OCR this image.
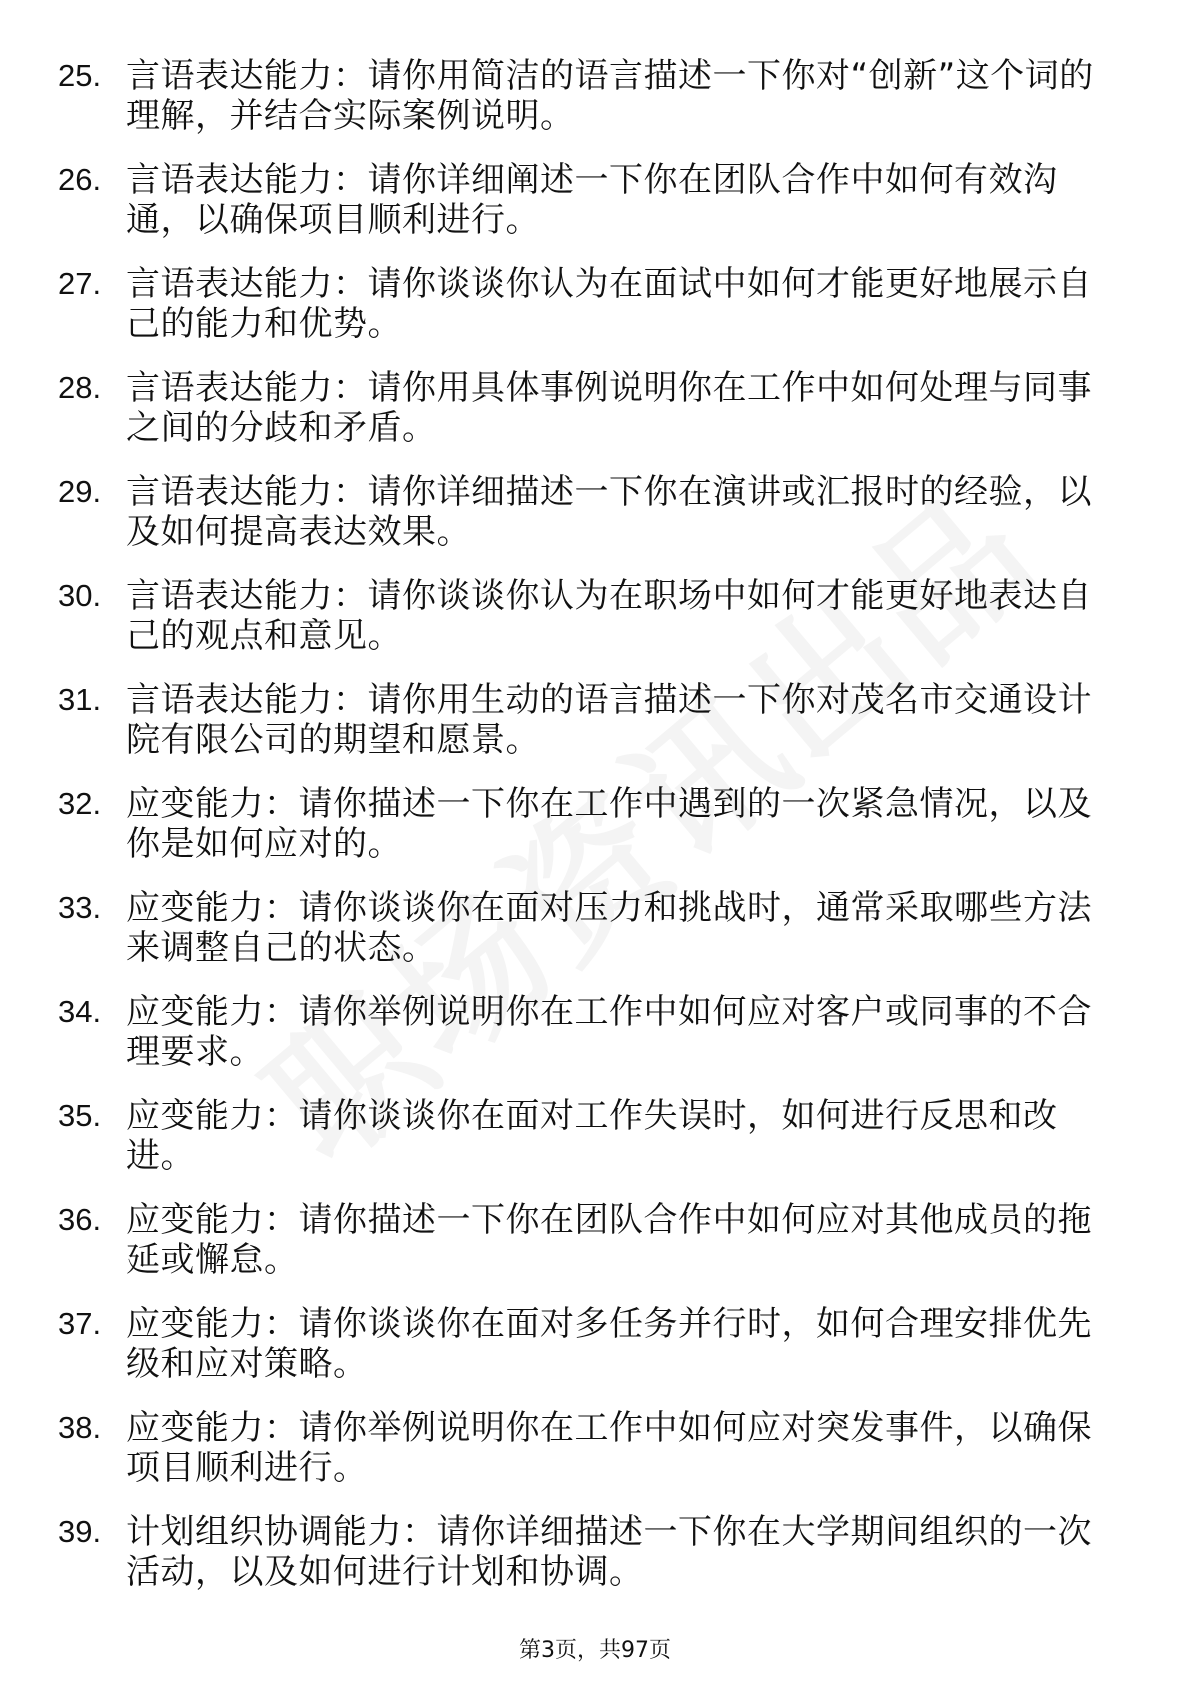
25. 言语表达能力：请你用简洁的语言描述一下你对“创新”这个词的理解，并结合实际案例说明。
26. 言语表达能力：请你详细阐述一下你在团队合作中如何有效沟通，以确保项目顺利进行。
27. 言语表达能力：请你谈谈你认为在面试中如何才能更好地展示自己的能力和优势。
28. 言语表达能力：请你用具体事例说明你在工作中如何处理与同事之间的分歧和矛盾。
29. 言语表达能力：请你详细描述一下你在演讲或汇报时的经验，以及如何提高表达效果。
30. 言语表达能力：请你谈谈你认为在职场中如何才能更好地表达自己的观点和意见。
31. 言语表达能力：请你用生动的语言描述一下你对茂名市交通设计院有限公司的期望和愿景。
32. 应变能力：请你描述一下你在工作中遇到的一次紧急情况，以及你是如何应对的。
33. 应变能力：请你谈谈你在面对压力和挑战时，通常采取哪些方法来调整自己的状态。
34. 应变能力：请你举例说明你在工作中如何应对客户或同事的不合理要求。
35. 应变能力：请你谈谈你在面对工作失误时，如何进行反思和改进。
36. 应变能力：请你描述一下你在团队合作中如何应对其他成员的拖延或懈怠。
37. 应变能力：请你谈谈你在面对多任务并行时，如何合理安排优先级和应对策略。
38. 应变能力：请你举例说明你在工作中如何应对突发事件，以确保项目顺利进行。
39. 计划组织协调能力：请你详细描述一下你在大学期间组织的一次活动，以及如何进行计划和协调。
第3页，共97页
